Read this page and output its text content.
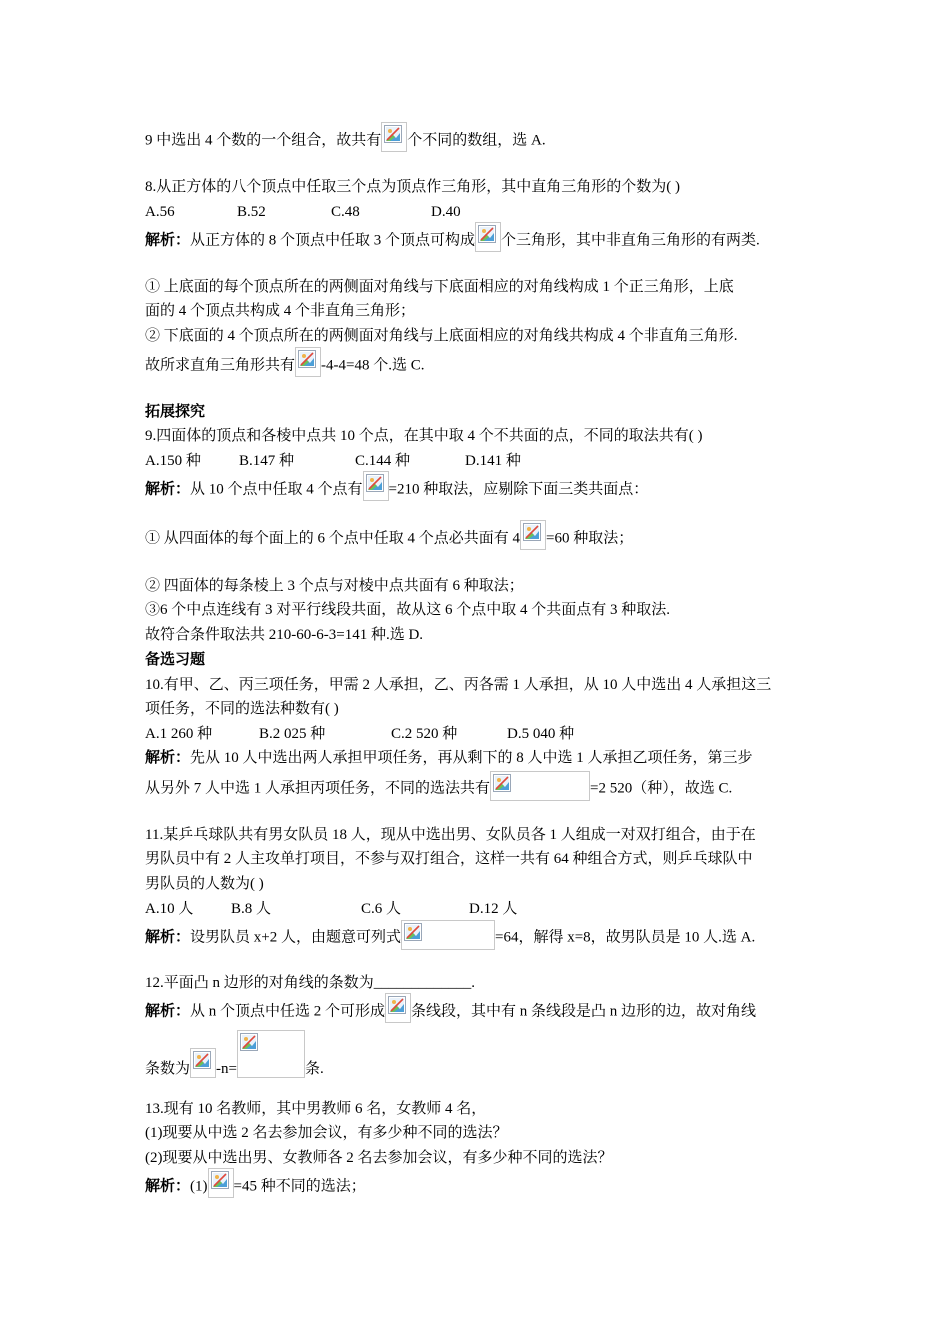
9 中选出 4 个数的一个组合，故共有 个不同的数组，选 A.
8.从正方体的八个顶点中任取三个点为顶点作三角形，其中直角三角形的个数为( )
A.56	B.52	C.48	D.40
解析：从正方体的 8 个顶点中任取 3 个顶点可构成 个三角形，其中非直角三角形的有两类.
① 上底面的每个顶点所在的两侧面对角线与下底面相应的对角线构成 1 个正三角形，上底
面的 4 个顶点共构成 4 个非直角三角形；
② 下底面的 4 个顶点所在的两侧面对角线与上底面相应的对角线共构成 4 个非直角三角形.
故所求直角三角形共有 -4-4=48 个.选 C.
拓展探究
9.四面体的顶点和各棱中点共 10 个点，在其中取 4 个不共面的点，不同的取法共有( )
A.150 种	B.147 种	C.144 种	D.141 种
解析：从 10 个点中任取 4 个点有 =210 种取法，应剔除下面三类共面点：
① 从四面体的每个面上的 6 个点中任取 4 个点必共面有 4 =60 种取法；
② 四面体的每条棱上 3 个点与对棱中点共面有 6 种取法；
③6 个中点连线有 3 对平行线段共面，故从这 6 个点中取 4 个共面点有 3 种取法.
故符合条件取法共 210-60-6-3=141 种.选 D.
备选习题
10.有甲、乙、丙三项任务，甲需 2 人承担，乙、丙各需 1 人承担，从 10 人中选出 4 人承担这三
项任务，不同的选法种数有( )
A.1 260 种	B.2 025 种	C.2 520 种	D.5 040 种
解析：先从 10 人中选出两人承担甲项任务，再从剩下的 8 人中选 1 人承担乙项任务，第三步
从另外 7 人中选 1 人承担丙项任务，不同的选法共有	=2 520（种），故选 C.
11.某乒乓球队共有男女队员 18 人，现从中选出男、女队员各 1 人组成一对双打组合，由于在
男队员中有 2 人主攻单打项目，不参与双打组合，这样一共有 64 种组合方式，则乒乓球队中
男队员的人数为( )
A.10 人	B.8 人	C.6 人	D.12 人
解析：设男队员 x+2 人，由题意可列式	=64，解得 x=8，故男队员是 10 人.选 A.
12.平面凸 n 边形的对角线的条数为_____________.
解析：从 n 个顶点中任选 2 个可形成 条线段，其中有 n 条线段是凸 n 边形的边，故对角线
条数为 -n=	条.
13.现有 10 名教师，其中男教师 6 名，女教师 4 名，
(1)现要从中选 2 名去参加会议，有多少种不同的选法？
(2)现要从中选出男、女教师各 2 名去参加会议，有多少种不同的选法？
解析：(1) =45 种不同的选法；
